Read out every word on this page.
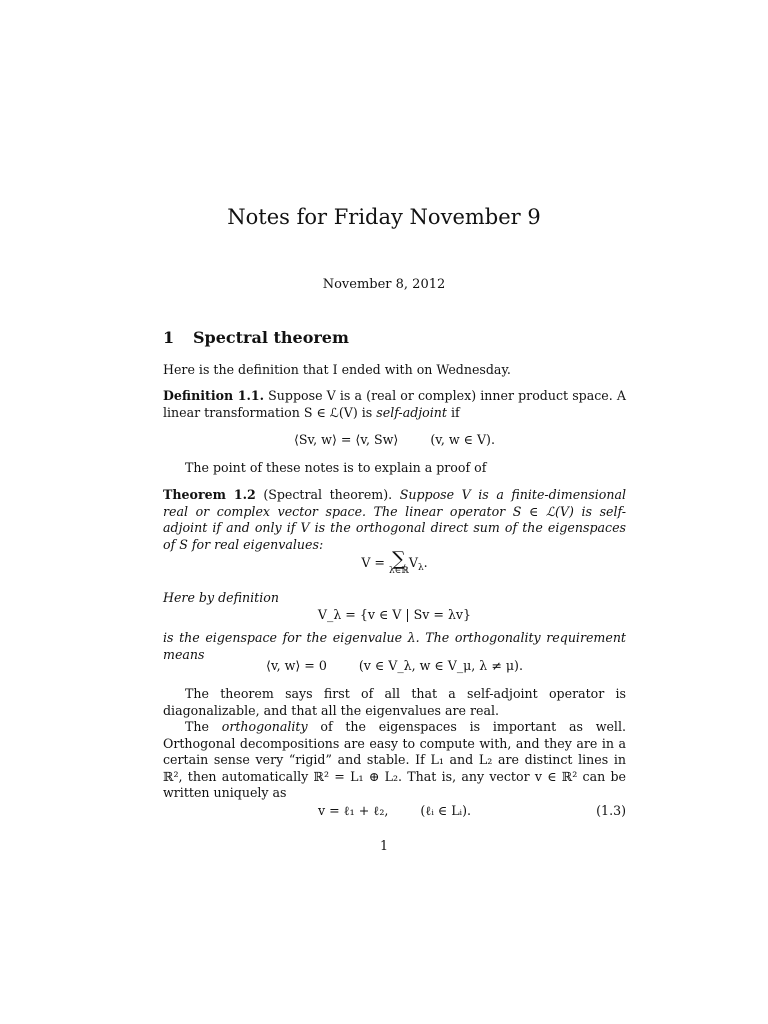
Notes for Friday November 9
November 8, 2012
1 Spectral theorem
Here is the definition that I ended with on Wednesday.
Definition 1.1. Suppose V is a (real or complex) inner product space. A linear transformation S ∈ ℒ(V) is self-adjoint if
⟨Sv, w⟩ = ⟨v, Sw⟩        (v, w ∈ V).
The point of these notes is to explain a proof of
Theorem 1.2 (Spectral theorem). Suppose V is a finite-dimensional real or complex vector space. The linear operator S ∈ ℒ(V) is self-adjoint if and only if V is the orthogonal direct sum of the eigenspaces of S for real eigenvalues:
V = ∑
λ∈ℝ
$V_\lambda$.
Here by definition
V_λ = {v ∈ V | Sv = λv}
is the eigenspace for the eigenvalue λ. The orthogonality requirement means
⟨v, w⟩ = 0        (v ∈ V_λ, w ∈ V_μ, λ ≠ μ).
The theorem says first of all that a self-adjoint operator is diagonalizable, and that all the eigenvalues are real.
The orthogonality of the eigenspaces is important as well. Orthogonal decompositions are easy to compute with, and they are in a certain sense very “rigid” and stable. If L₁ and L₂ are distinct lines in ℝ², then automatically ℝ² = L₁ ⊕ L₂. That is, any vector v ∈ ℝ² can be written uniquely as
v = ℓ₁ + ℓ₂,        (ℓᵢ ∈ Lᵢ).	(1.3)
1
